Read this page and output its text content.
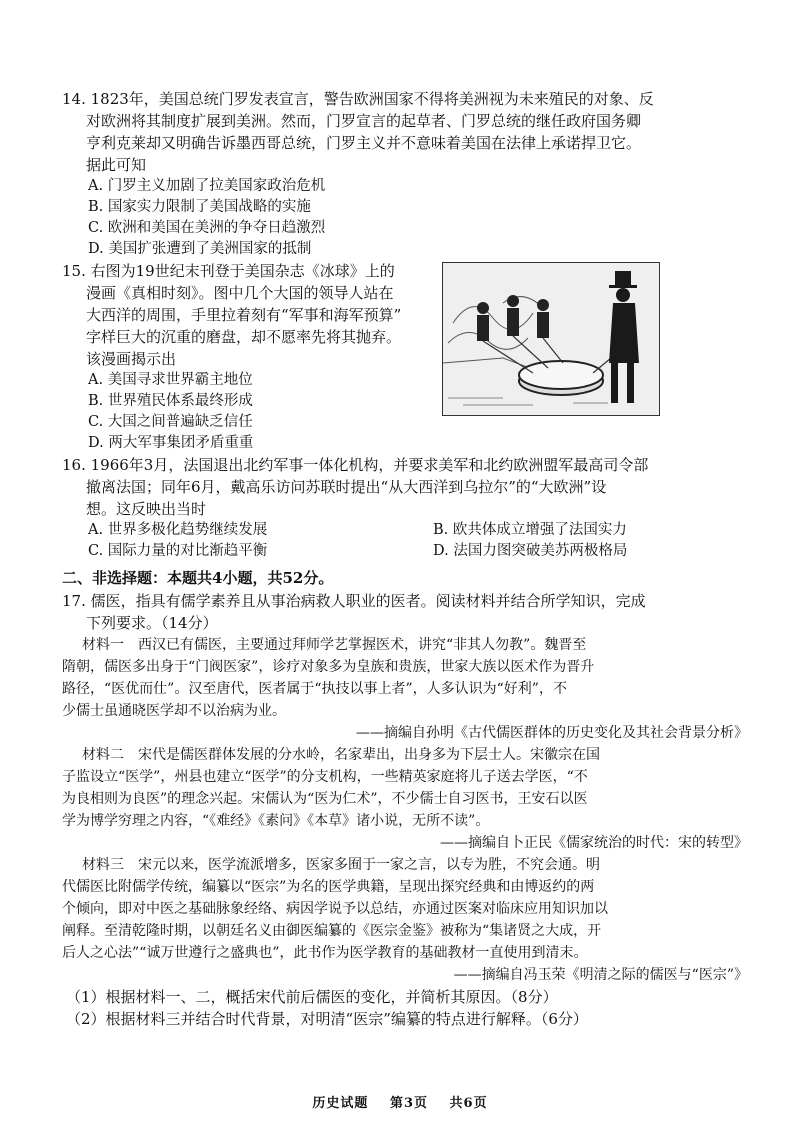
14. 1823年，美国总统门罗发表宣言，警告欧洲国家不得将美洲视为未来殖民的对象、反
对欧洲将其制度扩展到美洲。然而，门罗宣言的起草者、门罗总统的继任政府国务卿
亨利克莱却又明确告诉墨西哥总统，门罗主义并不意味着美国在法律上承诺捍卫它。
据此可知
A. 门罗主义加剧了拉美国家政治危机
B. 国家实力限制了美国战略的实施
C. 欧洲和美国在美洲的争夺日趋激烈
D. 美国扩张遭到了美洲国家的抵制
15. 右图为19世纪末刊登于美国杂志《冰球》上的
漫画《真相时刻》。图中几个大国的领导人站在
大西洋的周围，手里拉着刻有“军事和海军预算”
字样巨大的沉重的磨盘，却不愿率先将其抛弃。
该漫画揭示出
A. 美国寻求世界霸主地位
B. 世界殖民体系最终形成
C. 大国之间普遍缺乏信任
D. 两大军事集团矛盾重重
16. 1966年3月，法国退出北约军事一体化机构，并要求美军和北约欧洲盟军最高司令部
撤离法国；同年6月，戴高乐访问苏联时提出“从大西洋到乌拉尔”的“大欧洲”设
想。这反映出当时
A. 世界多极化趋势继续发展	B. 欧共体成立增强了法国实力
C. 国际力量的对比渐趋平衡	D. 法国力图突破美苏两极格局
二、非选择题：本题共4小题，共52分。
17. 儒医，指具有儒学素养且从事治病救人职业的医者。阅读材料并结合所学知识，完成
下列要求。（14分）
材料一　西汉已有儒医，主要通过拜师学艺掌握医术，讲究“非其人勿教”。魏晋至
隋朝，儒医多出身于“门阀医家”，诊疗对象多为皇族和贵族，世家大族以医术作为晋升
路径，“医优而仕”。汉至唐代，医者属于“执技以事上者”，人多认识为“好利”，不
少儒士虽通晓医学却不以治病为业。
——摘编自孙明《古代儒医群体的历史变化及其社会背景分析》
材料二　宋代是儒医群体发展的分水岭，名家辈出，出身多为下层士人。宋徽宗在国
子监设立“医学”，州县也建立“医学”的分支机构，一些精英家庭将儿子送去学医，“不
为良相则为良医”的理念兴起。宋儒认为“医为仁术”，不少儒士自习医书，王安石以医
学为博学穷理之内容，“《难经》《素问》《本草》诸小说，无所不读”。
——摘编自卜正民《儒家统治的时代：宋的转型》
材料三　宋元以来，医学流派增多，医家多囿于一家之言，以专为胜，不究会通。明
代儒医比附儒学传统，编纂以“医宗”为名的医学典籍，呈现出探究经典和由博返约的两
个倾向，即对中医之基础脉象经络、病因学说予以总结，亦通过医案对临床应用知识加以
阐释。至清乾隆时期，以朝廷名义由御医编纂的《医宗金鉴》被称为“集诸贤之大成，开
后人之心法”“诚万世遵行之盛典也”，此书作为医学教育的基础教材一直使用到清末。
——摘编自冯玉荣《明清之际的儒医与“医宗”》
（1）根据材料一、二，概括宋代前后儒医的变化，并简析其原因。（8分）
（2）根据材料三并结合时代背景，对明清“医宗”编纂的特点进行解释。（6分）
历史试题 第3页 共6页
